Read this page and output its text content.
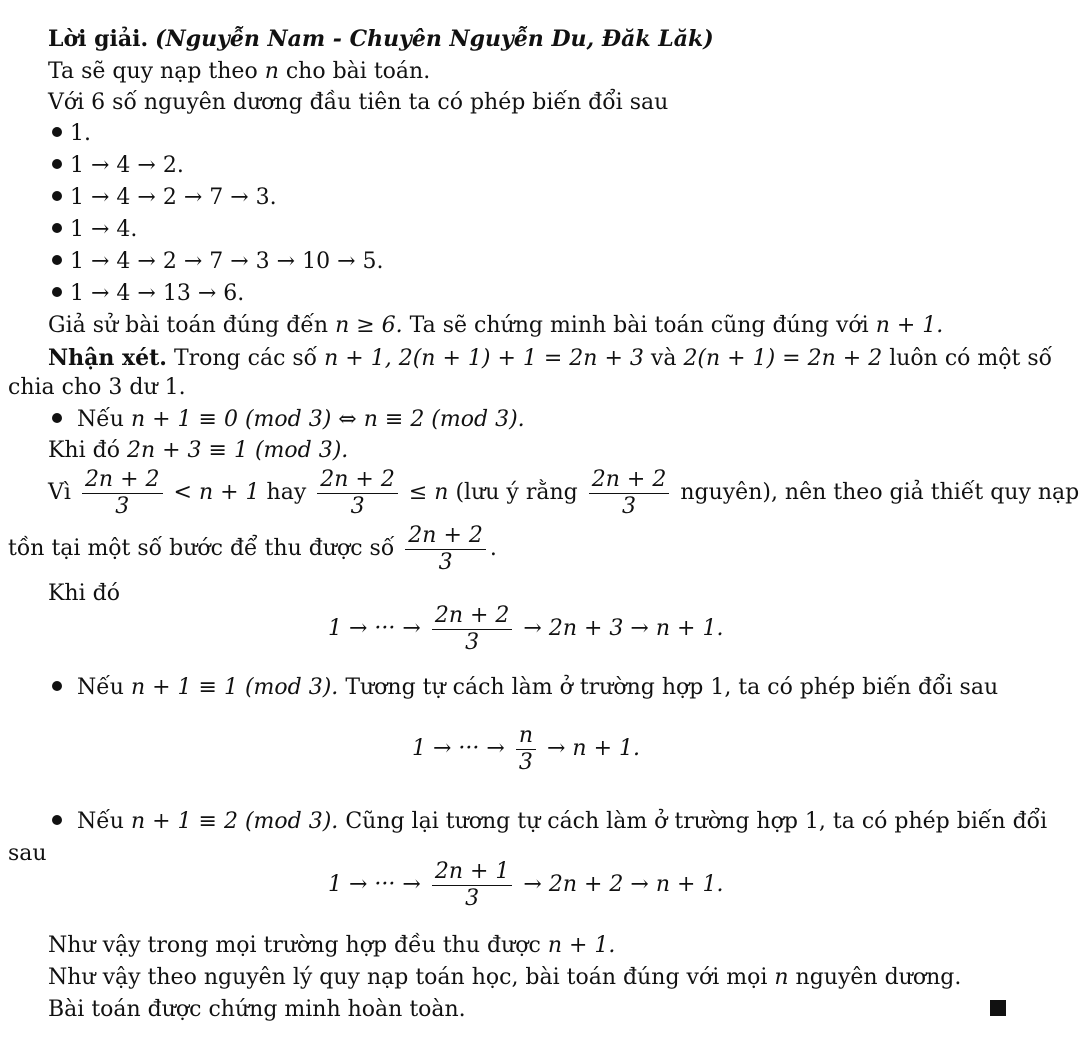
Lời giải. (Nguyễn Nam - Chuyên Nguyễn Du, Đăk Lăk)
Ta sẽ quy nạp theo n cho bài toán.
Với 6 số nguyên dương đầu tiên ta có phép biến đổi sau
1.
1 → 4 → 2.
1 → 4 → 2 → 7 → 3.
1 → 4.
1 → 4 → 2 → 7 → 3 → 10 → 5.
1 → 4 → 13 → 6.
Giả sử bài toán đúng đến n ≥ 6. Ta sẽ chứng minh bài toán cũng đúng với n + 1.
Nhận xét. Trong các số n + 1, 2(n + 1) + 1 = 2n + 3 và 2(n + 1) = 2n + 2 luôn có một số
chia cho 3 dư 1.
Nếu n + 1 ≡ 0 (mod 3) ⇔ n ≡ 2 (mod 3).
Khi đó 2n + 3 ≡ 1 (mod 3).
Vì $\frac{2n + 2}{3} < n + 1$ hay $\frac{2n + 2}{3} \le n$ (lưu ý rằng $\frac{2n + 2}{3}$ nguyên), nên theo giả thiết quy nạp
tồn tại một số bước để thu được số $\frac{2n + 2}{3}$ .
Khi đó
1 → ··· → $\frac{2n + 2}{3} \to 2n + 3 \to n + 1$.
Nếu n + 1 ≡ 1 (mod 3). Tương tự cách làm ở trường hợp 1, ta có phép biến đổi sau
1 → ··· → $\frac{n}{3} \to n + 1$.
Nếu n + 1 ≡ 2 (mod 3). Cũng lại tương tự cách làm ở trường hợp 1, ta có phép biến đổi
sau
1 → ··· → $\frac{2n + 1}{3} \to 2n + 2 \to n + 1$.
Như vậy trong mọi trường hợp đều thu được n + 1.
Như vậy theo nguyên lý quy nạp toán học, bài toán đúng với mọi n nguyên dương.
Bài toán được chứng minh hoàn toàn.
